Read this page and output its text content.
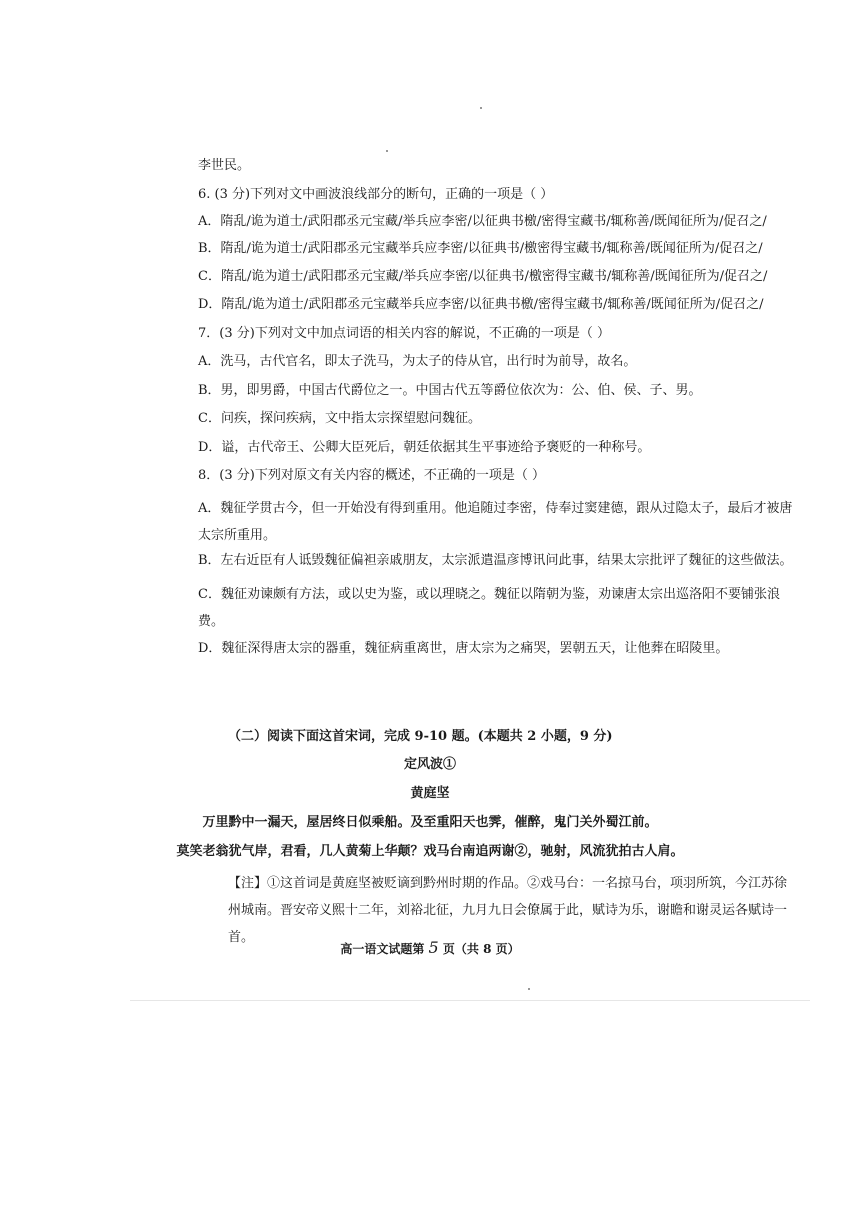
李世民。
6. (3 分)下列对文中画波浪线部分的断句，正确的一项是（ ）
A．隋乱/诡为道士/武阳郡丞元宝藏/举兵应李密/以征典书檄/密得宝藏书/辄称善/既闻征所为/促召之/
B．隋乱/诡为道士/武阳郡丞元宝藏举兵应李密/以征典书/檄密得宝藏书/辄称善/既闻征所为/促召之/
C．隋乱/诡为道士/武阳郡丞元宝藏/举兵应李密/以征典书/檄密得宝藏书/辄称善/既闻征所为/促召之/
D．隋乱/诡为道士/武阳郡丞元宝藏举兵应李密/以征典书檄/密得宝藏书/辄称善/既闻征所为/促召之/
7．(3 分)下列对文中加点词语的相关内容的解说，不正确的一项是（ ）
A．洗马，古代官名，即太子洗马，为太子的侍从官，出行时为前导，故名。
B．男，即男爵，中国古代爵位之一。中国古代五等爵位依次为：公、伯、侯、子、男。
C．问疾，探问疾病，文中指太宗探望慰问魏征。
D．谥，古代帝王、公卿大臣死后，朝廷依据其生平事迹给予褒贬的一种称号。
8．(3 分)下列对原文有关内容的概述，不正确的一项是（ ）
A．魏征学贯古今，但一开始没有得到重用。他追随过李密，侍奉过窦建德，跟从过隐太子，最后才被唐太宗所重用。
B．左右近臣有人诋毁魏征偏袒亲戚朋友，太宗派遣温彦博讯问此事，结果太宗批评了魏征的这些做法。
C．魏征劝谏颇有方法，或以史为鉴，或以理晓之。魏征以隋朝为鉴，劝谏唐太宗出巡洛阳不要铺张浪费。
D．魏征深得唐太宗的器重，魏征病重离世，唐太宗为之痛哭，罢朝五天，让他葬在昭陵里。
（二）阅读下面这首宋词，完成 9-10 题。(本题共 2 小题，9 分)
定风波①
黄庭坚
万里黔中一漏天，屋居终日似乘船。及至重阳天也霁，催醉，鬼门关外蜀江前。
莫笑老翁犹气岸，君看，几人黄菊上华颠？戏马台南追两谢②，驰射，风流犹拍古人肩。
【注】①这首词是黄庭坚被贬谪到黔州时期的作品。②戏马台：一名掠马台，项羽所筑，今江苏徐州城南。晋安帝义熙十二年，刘裕北征，九月九日会僚属于此，赋诗为乐，谢瞻和谢灵运各赋诗一首。
高一语文试题第 5 页（共 8 页）
